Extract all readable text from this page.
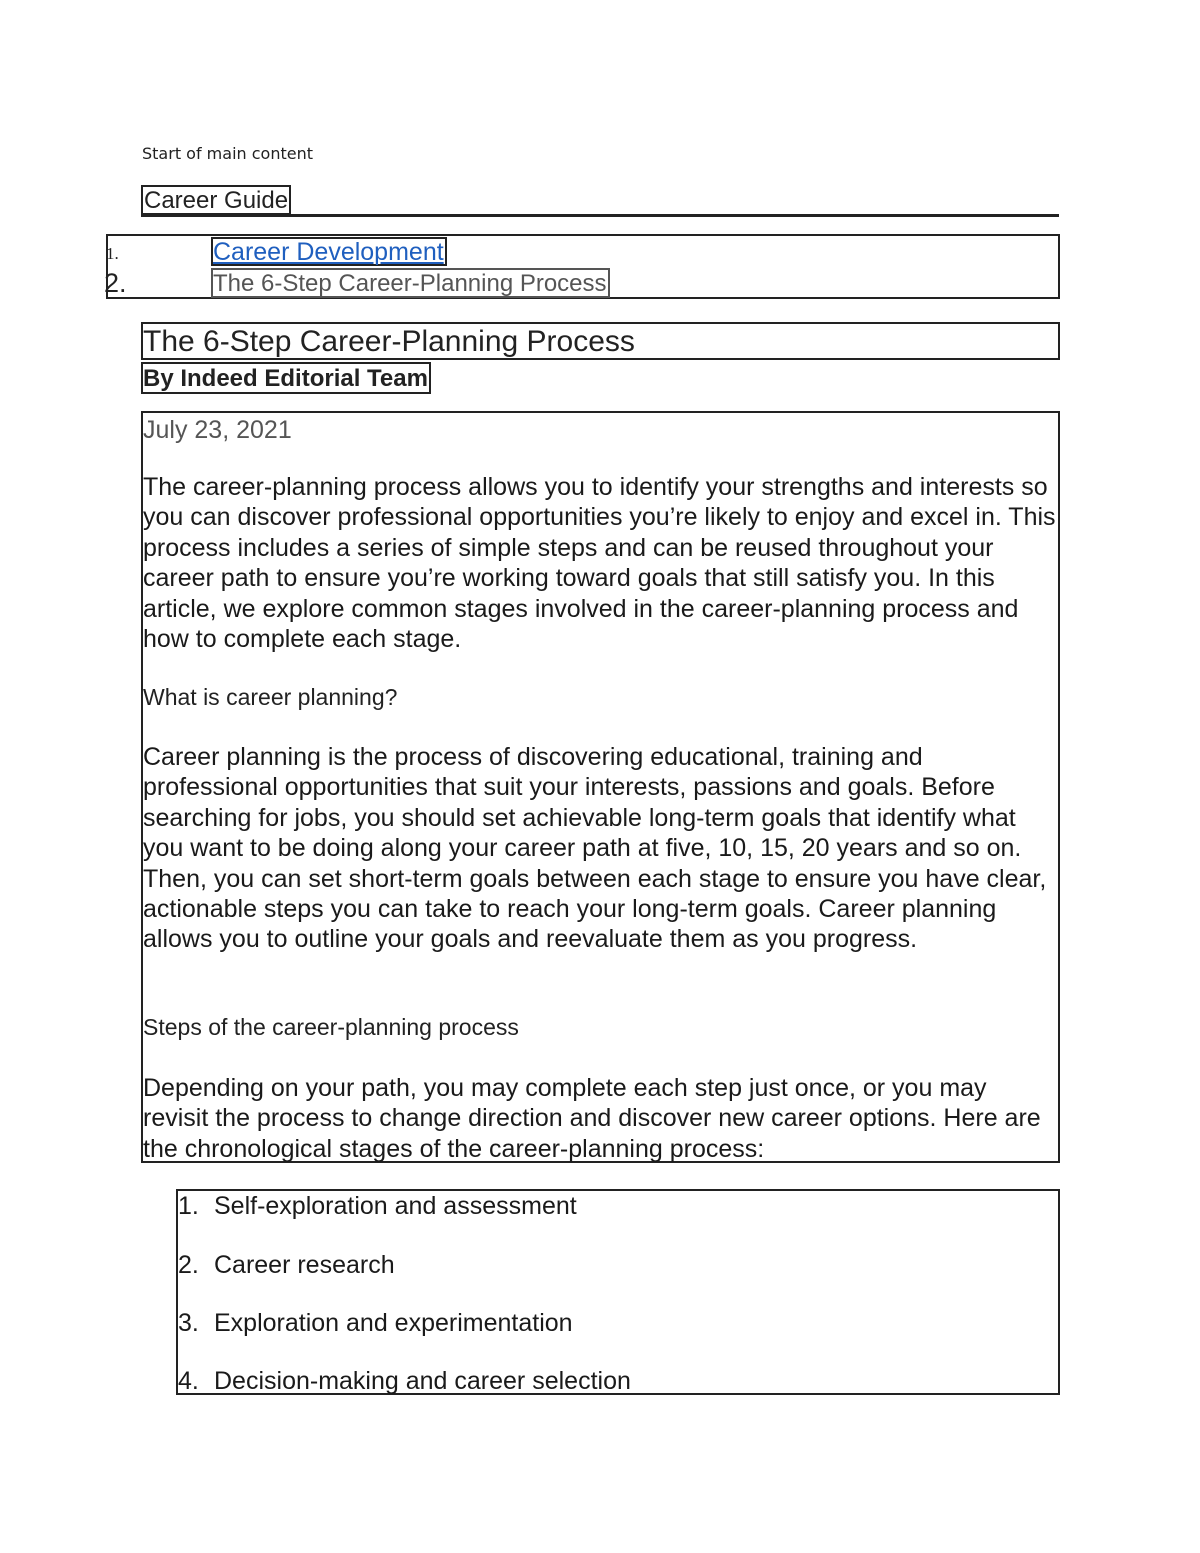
Start of main content
Career Guide
1.	Career Development
2.	The 6-Step Career-Planning Process
The 6-Step Career-Planning Process
By Indeed Editorial Team
July 23, 2021
The career-planning process allows you to identify your strengths and interests so you can discover professional opportunities you’re likely to enjoy and excel in. This process includes a series of simple steps and can be reused throughout your career path to ensure you’re working toward goals that still satisfy you. In this article, we explore common stages involved in the career-planning process and how to complete each stage.
What is career planning?
Career planning is the process of discovering educational, training and professional opportunities that suit your interests, passions and goals. Before searching for jobs, you should set achievable long-term goals that identify what you want to be doing along your career path at five, 10, 15, 20 years and so on. Then, you can set short-term goals between each stage to ensure you have clear, actionable steps you can take to reach your long-term goals. Career planning allows you to outline your goals and reevaluate them as you progress.
Steps of the career-planning process
Depending on your path, you may complete each step just once, or you may revisit the process to change direction and discover new career options. Here are the chronological stages of the career-planning process:
1. Self-exploration and assessment
2. Career research
3. Exploration and experimentation
4. Decision-making and career selection
